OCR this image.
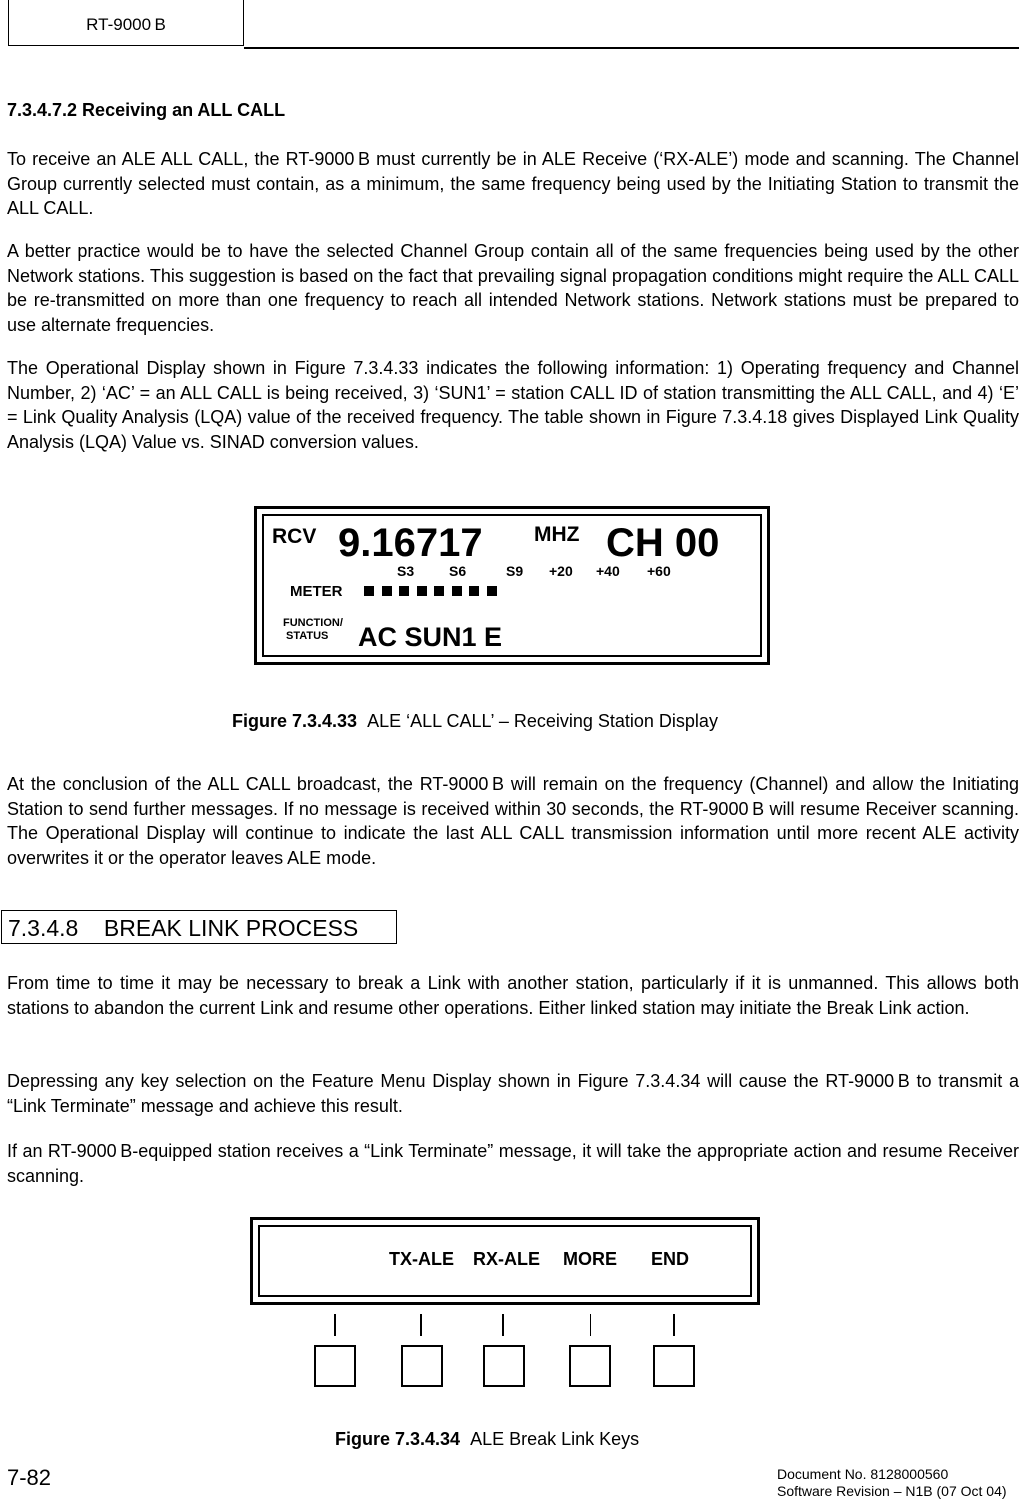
RT-9000 B
7.3.4.7.2 Receiving an ALL CALL
To receive an ALE ALL CALL, the RT-9000 B must currently be in ALE Receive (‘RX-ALE’) mode and scanning. The Channel Group currently selected must contain, as a minimum, the same frequency being used by the Initiating Station to transmit the ALL CALL.
A better practice would be to have the selected Channel Group contain all of the same frequencies being used by the other Network stations. This suggestion is based on the fact that prevailing signal propagation conditions might require the ALL CALL be re-transmitted on more than one frequency to reach all intended Network stations. Network stations must be prepared to use alternate frequencies.
The Operational Display shown in Figure 7.3.4.33 indicates the following information: 1) Operating frequency and Channel Number, 2) ‘AC’ = an ALL CALL is being received, 3) ‘SUN1’ = station CALL ID of station transmitting the ALL CALL, and 4) ‘E’ = Link Quality Analysis (LQA) value of the received frequency. The table shown in Figure 7.3.4.18 gives Displayed Link Quality Analysis (LQA) Value vs. SINAD conversion values.
RCV 9.16717 MHZ CH 00
S3 S6	S9 +20 +40 +60
METER
FUNCTION/
STATUS AC SUN1 E
Figure 7.3.4.33 ALE ‘ALL CALL’ – Receiving Station Display
At the conclusion of the ALL CALL broadcast, the RT-9000 B will remain on the frequency (Channel) and allow the Initiating Station to send further messages. If no message is received within 30 seconds, the RT-9000 B will resume Receiver scanning. The Operational Display will continue to indicate the last ALL CALL transmission information until more recent ALE activity overwrites it or the operator leaves ALE mode.
7.3.4.8 BREAK LINK PROCESS
From time to time it may be necessary to break a Link with another station, particularly if it is unmanned. This allows both stations to abandon the current Link and resume other operations. Either linked station may initiate the Break Link action.
Depressing any key selection on the Feature Menu Display shown in Figure 7.3.4.34 will cause the RT-9000 B to transmit a “Link Terminate” message and achieve this result.
If an RT-9000 B-equipped station receives a “Link Terminate” message, it will take the appropriate action and resume Receiver scanning.
TX-ALE RX-ALE MORE END
Figure 7.3.4.34 ALE Break Link Keys
7-82	Document No. 8128000560
Software Revision – N1B (07 Oct 04)
